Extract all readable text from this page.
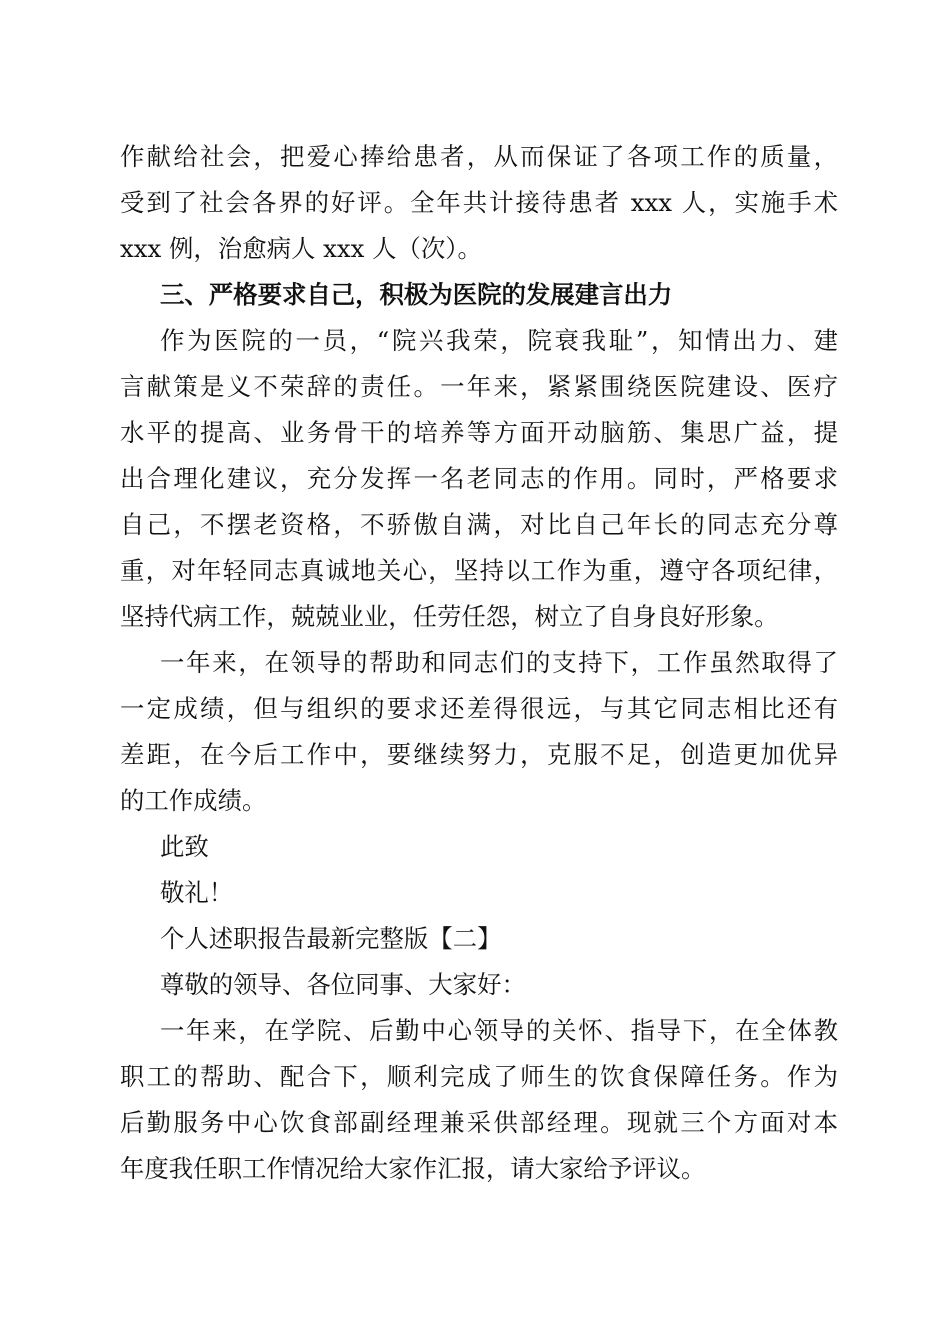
作献给社会，把爱心捧给患者，从而保证了各项工作的质量，
受到了社会各界的好评。全年共计接待患者 xxx 人，实施手术
xxx 例，治愈病人 xxx 人（次）。
三、严格要求自己，积极为医院的发展建言出力
作为医院的一员，“院兴我荣，院衰我耻”，知情出力、建
言献策是义不荣辞的责任。一年来，紧紧围绕医院建设、医疗
水平的提高、业务骨干的培养等方面开动脑筋、集思广益，提
出合理化建议，充分发挥一名老同志的作用。同时，严格要求
自己，不摆老资格，不骄傲自满，对比自己年长的同志充分尊
重，对年轻同志真诚地关心，坚持以工作为重，遵守各项纪律，
坚持代病工作，兢兢业业，任劳任怨，树立了自身良好形象。
一年来，在领导的帮助和同志们的支持下，工作虽然取得了
一定成绩，但与组织的要求还差得很远，与其它同志相比还有
差距，在今后工作中，要继续努力，克服不足，创造更加优异
的工作成绩。
此致
敬礼！
个人述职报告最新完整版【二】
尊敬的领导、各位同事、大家好：
一年来，在学院、后勤中心领导的关怀、指导下，在全体教
职工的帮助、配合下，顺利完成了师生的饮食保障任务。作为
后勤服务中心饮食部副经理兼采供部经理。现就三个方面对本
年度我任职工作情况给大家作汇报，请大家给予评议。
